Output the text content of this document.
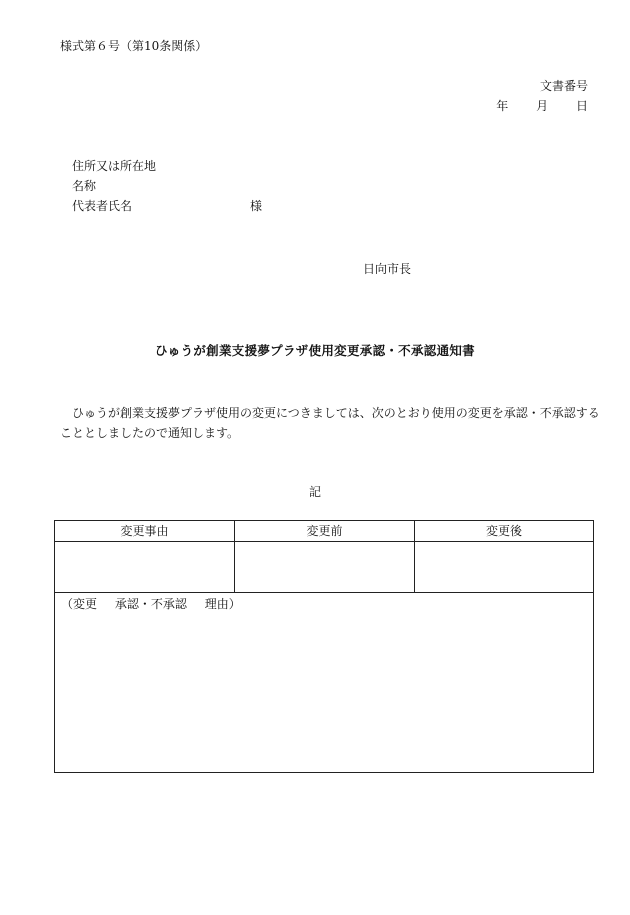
様式第６号（第10条関係）
文書番号
年 月 日
住所又は所在地
名称
代表者氏名	様
日向市長
ひゅうが創業支援夢プラザ使用変更承認・不承認通知書
ひゅうが創業支援夢プラザ使用の変更につきましては、次のとおり使用の変更を承認・不承認する
こととしましたので通知します。
記
変更事由	変更前	変更後
（変更 承認・不承認 理由）
